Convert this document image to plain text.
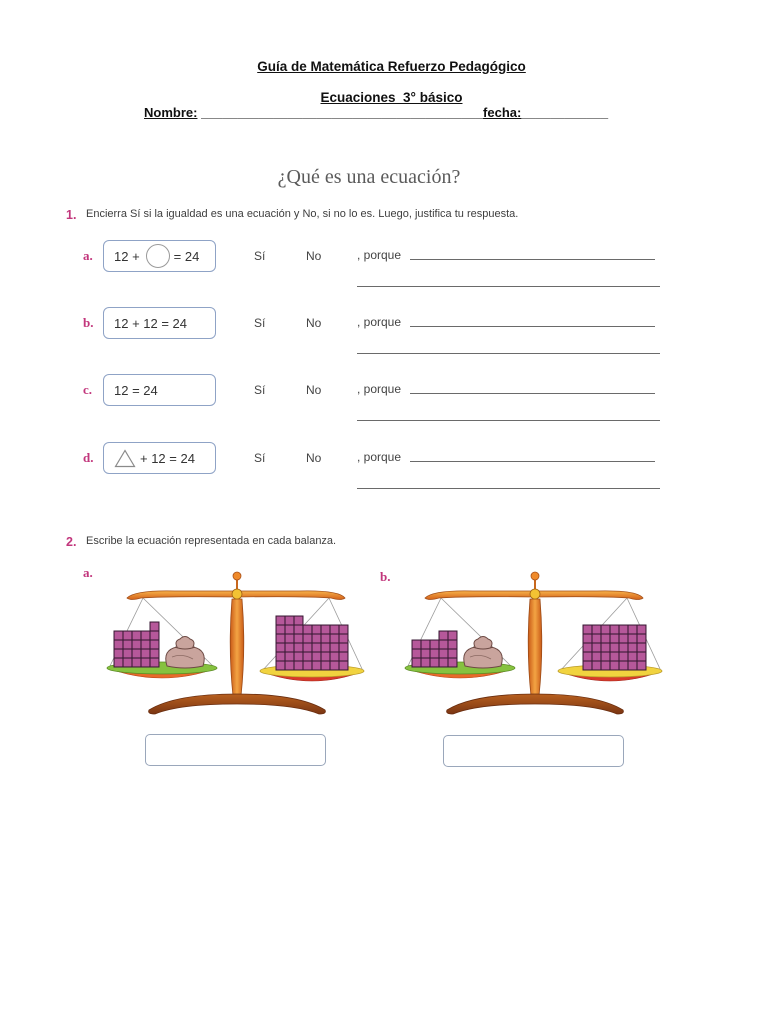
Guía de Matemática Refuerzo Pedagógico

Ecuaciones  3° básico

Nombre: _______________________________________fecha:____________
¿Qué es una ecuación?
1. Encierra Sí si la igualdad es una ecuación y No, si no lo es. Luego, justifica tu respuesta.
a. 12 +	= 24	Sí	No	, porque
b. 12 + 12 = 24	Sí	No	, porque
c. 12 = 24	Sí	No	, porque
d.	+ 12 = 24	Sí	No	, porque
2. Escribe la ecuación representada en cada balanza.
a.	b.
